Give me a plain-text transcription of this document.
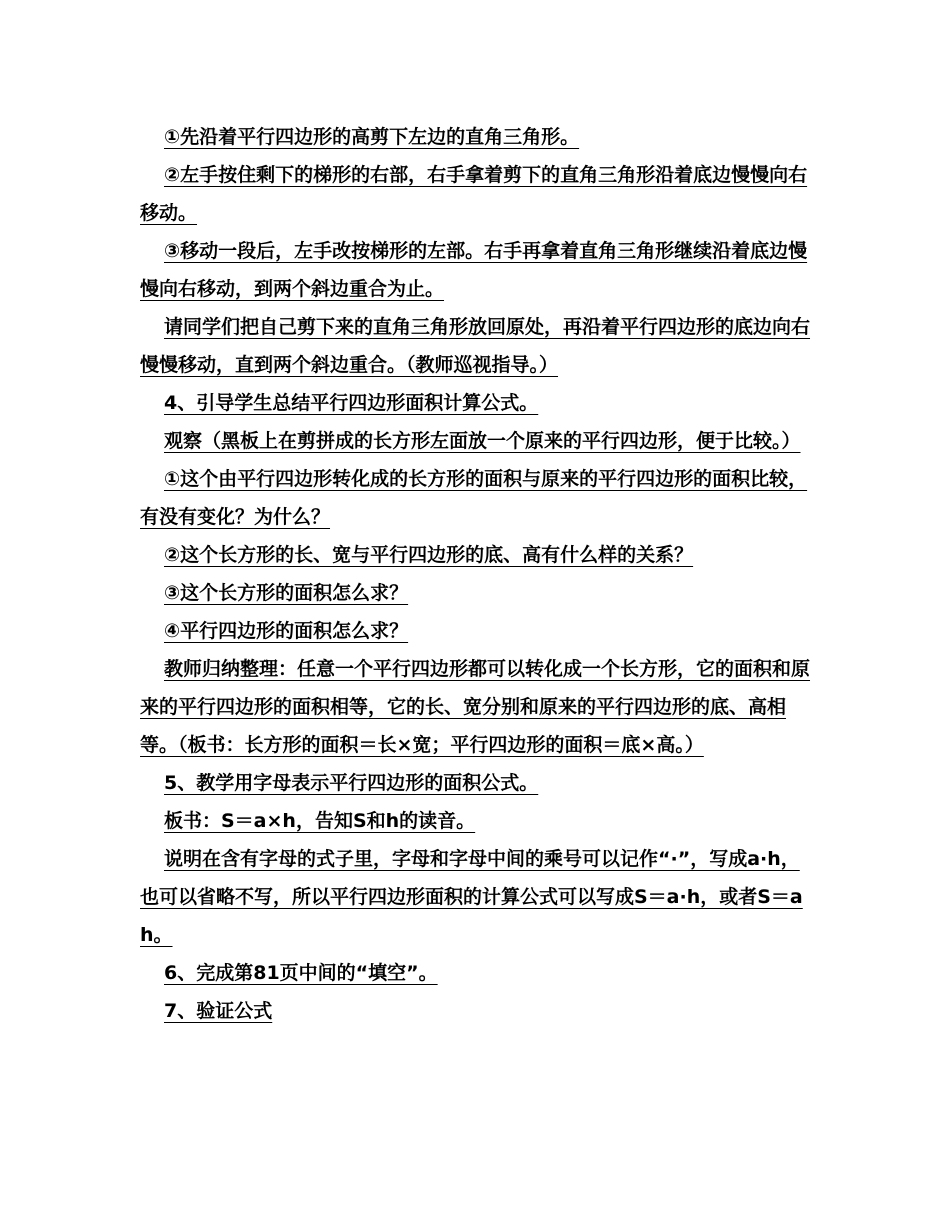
①先沿着平行四边形的高剪下左边的直角三角形。

②左手按住剩下的梯形的右部，右手拿着剪下的直角三角形沿着底边慢慢向右移动。

③移动一段后，左手改按梯形的左部。右手再拿着直角三角形继续沿着底边慢慢向右移动，到两个斜边重合为止。

请同学们把自己剪下来的直角三角形放回原处，再沿着平行四边形的底边向右慢慢移动，直到两个斜边重合。（教师巡视指导。）

4、引导学生总结平行四边形面积计算公式。

观察（黑板上在剪拼成的长方形左面放一个原来的平行四边形，便于比较。）

①这个由平行四边形转化成的长方形的面积与原来的平行四边形的面积比较，有没有变化？为什么？

②这个长方形的长、宽与平行四边形的底、高有什么样的关系？

③这个长方形的面积怎么求？

④平行四边形的面积怎么求？

教师归纳整理：任意一个平行四边形都可以转化成一个长方形，它的面积和原来的平行四边形的面积相等，它的长、宽分别和原来的平行四边形的底、高相等。（板书：长方形的面积＝长×宽；平行四边形的面积＝底×高。）

5、教学用字母表示平行四边形的面积公式。

板书：S＝a×h，告知S和h的读音。

说明在含有字母的式子里，字母和字母中间的乘号可以记作“·”，写成a·h，也可以省略不写，所以平行四边形面积的计算公式可以写成S＝a·h，或者S＝ah。

6、完成第81页中间的“填空”。

7、验证公式
